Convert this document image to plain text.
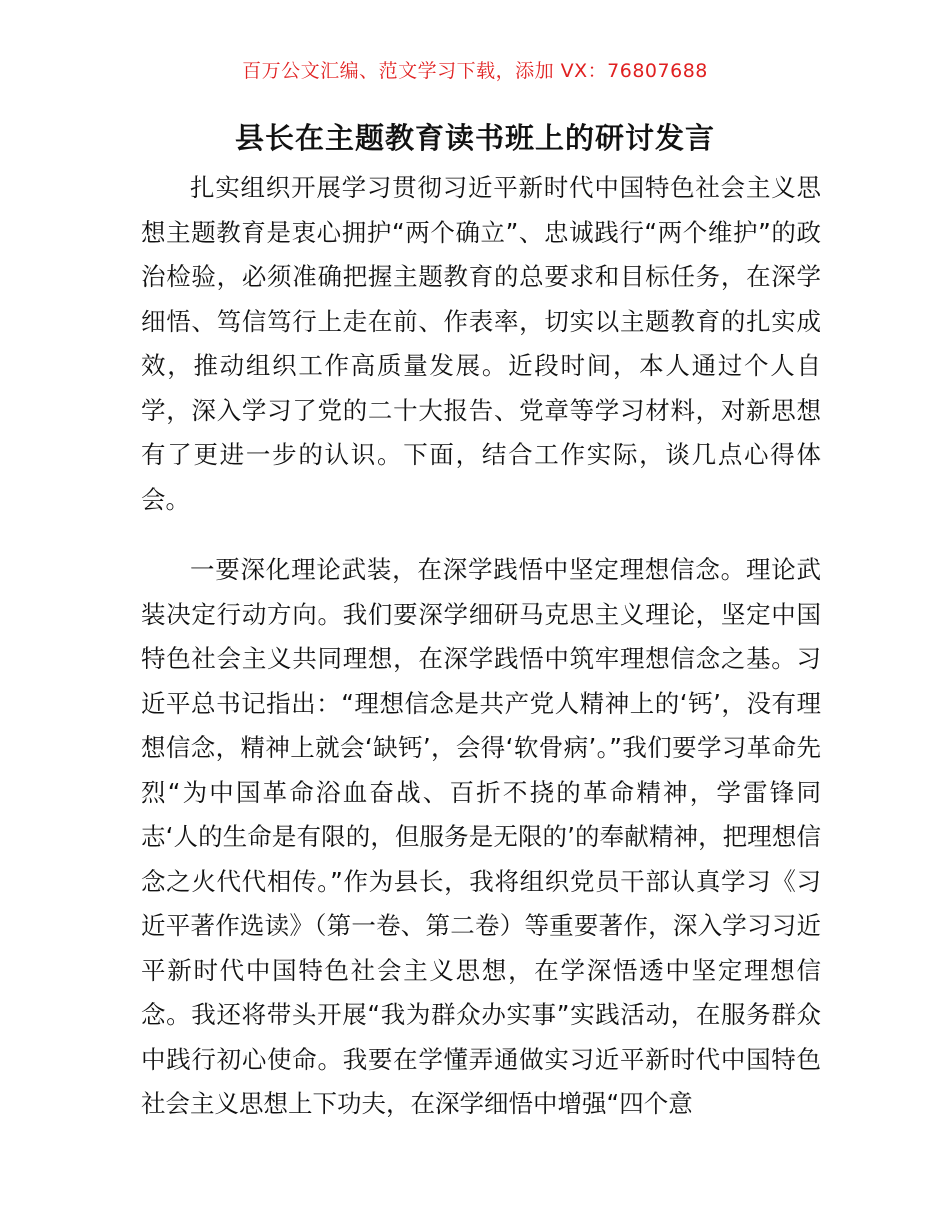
百万公文汇编、范文学习下载，添加 VX：76807688
县长在主题教育读书班上的研讨发言

扎实组织开展学习贯彻习近平新时代中国特色社会主义思想主题教育是衷心拥护“两个确立”、忠诚践行“两个维护”的政治检验，必须准确把握主题教育的总要求和目标任务，在深学细悟、笃信笃行上走在前、作表率，切实以主题教育的扎实成效，推动组织工作高质量发展。近段时间，本人通过个人自学，深入学习了党的二十大报告、党章等学习材料，对新思想有了更进一步的认识。下面，结合工作实际，谈几点心得体会。

一要深化理论武装，在深学践悟中坚定理想信念。理论武装决定行动方向。我们要深学细研马克思主义理论，坚定中国特色社会主义共同理想，在深学践悟中筑牢理想信念之基。习近平总书记指出：“理想信念是共产党人精神上的‘钙’，没有理想信念，精神上就会‘缺钙’，会得‘软骨病’。”我们要学习革命先烈“为中国革命浴血奋战、百折不挠的革命精神，学雷锋同志‘人的生命是有限的，但服务是无限的’的奉献精神，把理想信念之火代代相传。”作为县长，我将组织党员干部认真学习《习近平著作选读》（第一卷、第二卷）等重要著作，深入学习习近平新时代中国特色社会主义思想，在学深悟透中坚定理想信念。我还将带头开展“我为群众办实事”实践活动，在服务群众中践行初心使命。我要在学懂弄通做实习近平新时代中国特色社会主义思想上下功夫，在深学细悟中增强“四个意
